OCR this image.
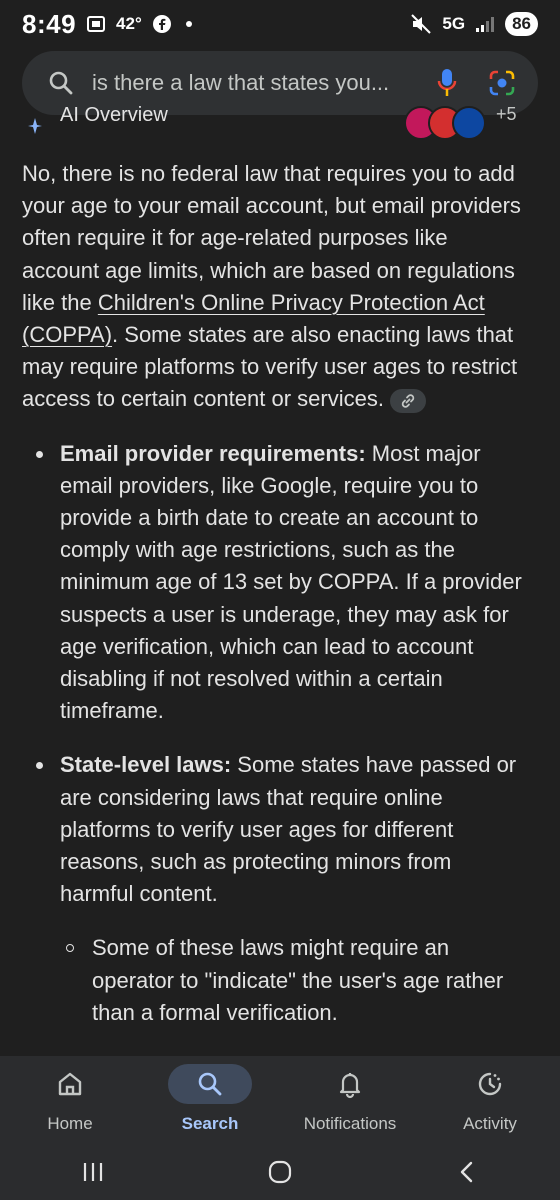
8:49 42°	5G	86
is there a law that states you...
AI Overview	+5

No, there is no federal law that requires you to add your age to your email account, but email providers often require it for age-related purposes like account age limits, which are based on regulations like the Children's Online Privacy Protection Act (COPPA). Some states are also enacting laws that may require platforms to verify user ages to restrict access to certain content or services.

Email provider requirements: Most major email providers, like Google, require you to provide a birth date to create an account to comply with age restrictions, such as the minimum age of 13 set by COPPA. If a provider suspects a user is underage, they may ask for age verification, which can lead to account disabling if not resolved within a certain timeframe.
State-level laws: Some states have passed or are considering laws that require online platforms to verify user ages for different reasons, such as protecting minors from harmful content.
Some of these laws might require an operator to "indicate" the user's age rather than a formal verification.
Home	Search	Notifications	Activity
